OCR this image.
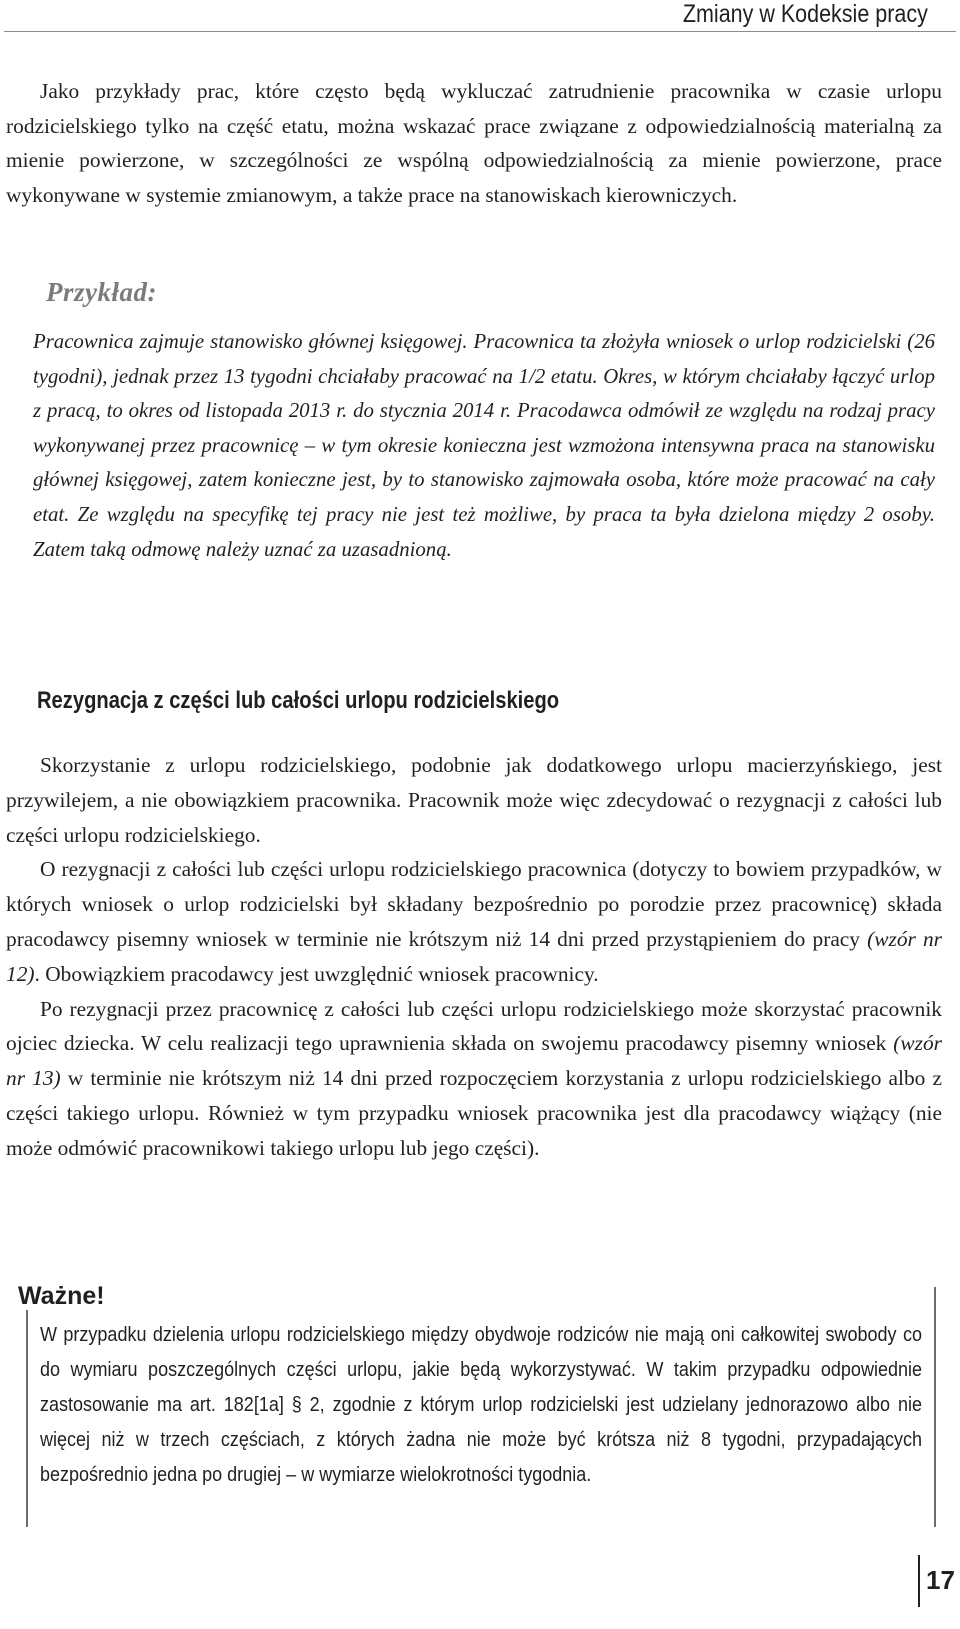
Zmiany w Kodeksie pracy

Jako przykłady prac, które często będą wykluczać zatrudnienie pracownika w czasie urlopu rodzicielskiego tylko na część etatu, można wskazać prace związane z odpowiedzialnością materialną za mienie powierzone, w szczególności ze wspólną odpowiedzialnością za mienie powierzone, prace wykonywane w systemie zmianowym, a także prace na stanowiskach kierowniczych.

Przykład:

Pracownica zajmuje stanowisko głównej księgowej. Pracownica ta złożyła wniosek o urlop rodzicielski (26 tygodni), jednak przez 13 tygodni chciałaby pracować na 1/2 etatu. Okres, w którym chciałaby łączyć urlop z pracą, to okres od listopada 2013 r. do stycznia 2014 r. Pracodawca odmówił ze względu na rodzaj pracy wykonywanej przez pracownicę – w tym okresie konieczna jest wzmożona intensywna praca na stanowisku głównej księgowej, zatem konieczne jest, by to stanowisko zajmowała osoba, które może pracować na cały etat. Ze względu na specyfikę tej pracy nie jest też możliwe, by praca ta była dzielona między 2 osoby. Zatem taką odmowę należy uznać za uzasadnioną.

Rezygnacja z części lub całości urlopu rodzicielskiego

Skorzystanie z urlopu rodzicielskiego, podobnie jak dodatkowego urlopu macierzyńskiego, jest przywilejem, a nie obowiązkiem pracownika. Pracownik może więc zdecydować o rezygnacji z całości lub części urlopu rodzicielskiego.

O rezygnacji z całości lub części urlopu rodzicielskiego pracownica (dotyczy to bowiem przypadków, w których wniosek o urlop rodzicielski był składany bezpośrednio po porodzie przez pracownicę) składa pracodawcy pisemny wniosek w terminie nie krótszym niż 14 dni przed przystąpieniem do pracy (wzór nr 12). Obowiązkiem pracodawcy jest uwzględnić wniosek pracownicy.

Po rezygnacji przez pracownicę z całości lub części urlopu rodzicielskiego może skorzystać pracownik ojciec dziecka. W celu realizacji tego uprawnienia składa on swojemu pracodawcy pisemny wniosek (wzór nr 13) w terminie nie krótszym niż 14 dni przed rozpoczęciem korzystania z urlopu rodzicielskiego albo z części takiego urlopu. Również w tym przypadku wniosek pracownika jest dla pracodawcy wiążący (nie może odmówić pracownikowi takiego urlopu lub jego części).

Ważne!

W przypadku dzielenia urlopu rodzicielskiego między obydwoje rodziców nie mają oni całkowitej swobody co do wymiaru poszczególnych części urlopu, jakie będą wykorzystywać. W takim przypadku odpowiednie zastosowanie ma art. 182[1a] § 2, zgodnie z którym urlop rodzicielski jest udzielany jednorazowo albo nie więcej niż w trzech częściach, z których żadna nie może być krótsza niż 8 tygodni, przypadających bezpośrednio jedna po drugiej – w wymiarze wielokrotności tygodnia.

17
